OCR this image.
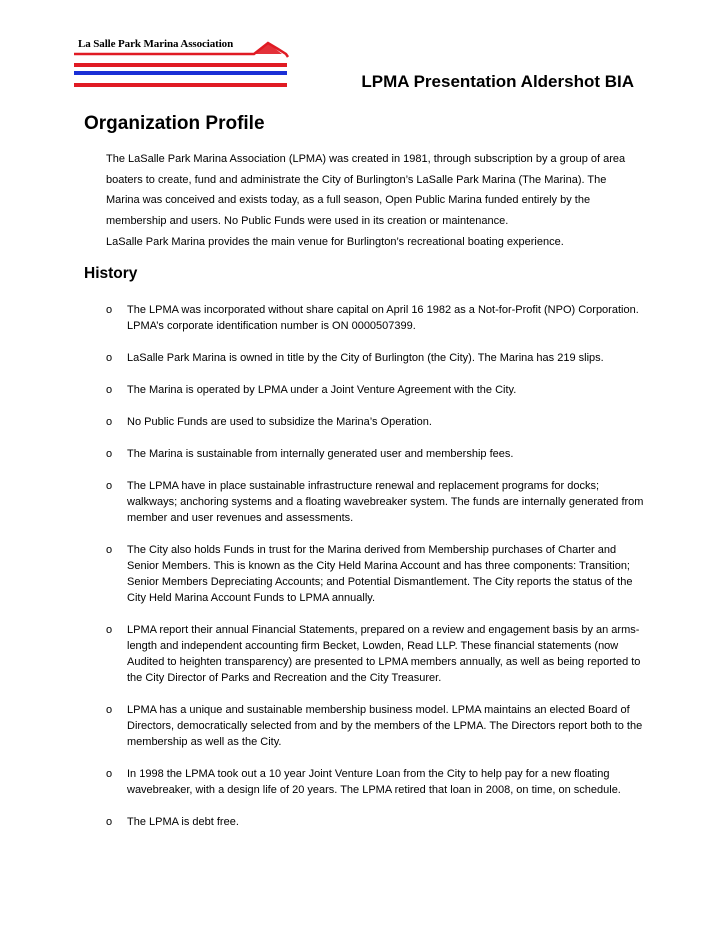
La Salle Park Marina Association
LPMA Presentation Aldershot BIA
Organization Profile

The LaSalle Park Marina Association (LPMA) was created in 1981, through subscription by a group of area boaters to create, fund and administrate the City of Burlington’s LaSalle Park Marina (The Marina). The Marina was conceived and exists today, as a full season, Open Public Marina funded entirely by the membership and users. No Public Funds were used in its creation or maintenance.

LaSalle Park Marina provides the main venue for Burlington’s recreational boating experience.

History
o The LPMA was incorporated without share capital on April 16 1982 as a Not-for-Profit (NPO) Corporation. LPMA’s corporate identification number is ON 0000507399.
o LaSalle Park Marina is owned in title by the City of Burlington (the City). The Marina has 219 slips.
o The Marina is operated by LPMA under a Joint Venture Agreement with the City.
o No Public Funds are used to subsidize the Marina’s Operation.
o The Marina is sustainable from internally generated user and membership fees.
o The LPMA have in place sustainable infrastructure renewal and replacement programs for docks; walkways; anchoring systems and a floating wavebreaker system. The funds are internally generated from member and user revenues and assessments.
o The City also holds Funds in trust for the Marina derived from Membership purchases of Charter and Senior Members. This is known as the City Held Marina Account and has three components: Transition; Senior Members Depreciating Accounts; and Potential Dismantlement. The City reports the status of the City Held Marina Account Funds to LPMA annually.
o LPMA report their annual Financial Statements, prepared on a review and engagement basis by an arms-length and independent accounting firm Becket, Lowden, Read LLP. These financial statements (now Audited to heighten transparency) are presented to LPMA members annually, as well as being reported to the City Director of Parks and Recreation and the City Treasurer.
o LPMA has a unique and sustainable membership business model. LPMA maintains an elected Board of Directors, democratically selected from and by the members of the LPMA. The Directors report both to the membership as well as the City.
o In 1998 the LPMA took out a 10 year Joint Venture Loan from the City to help pay for a new floating wavebreaker, with a design life of 20 years. The LPMA retired that loan in 2008, on time, on schedule.
o The LPMA is debt free.
